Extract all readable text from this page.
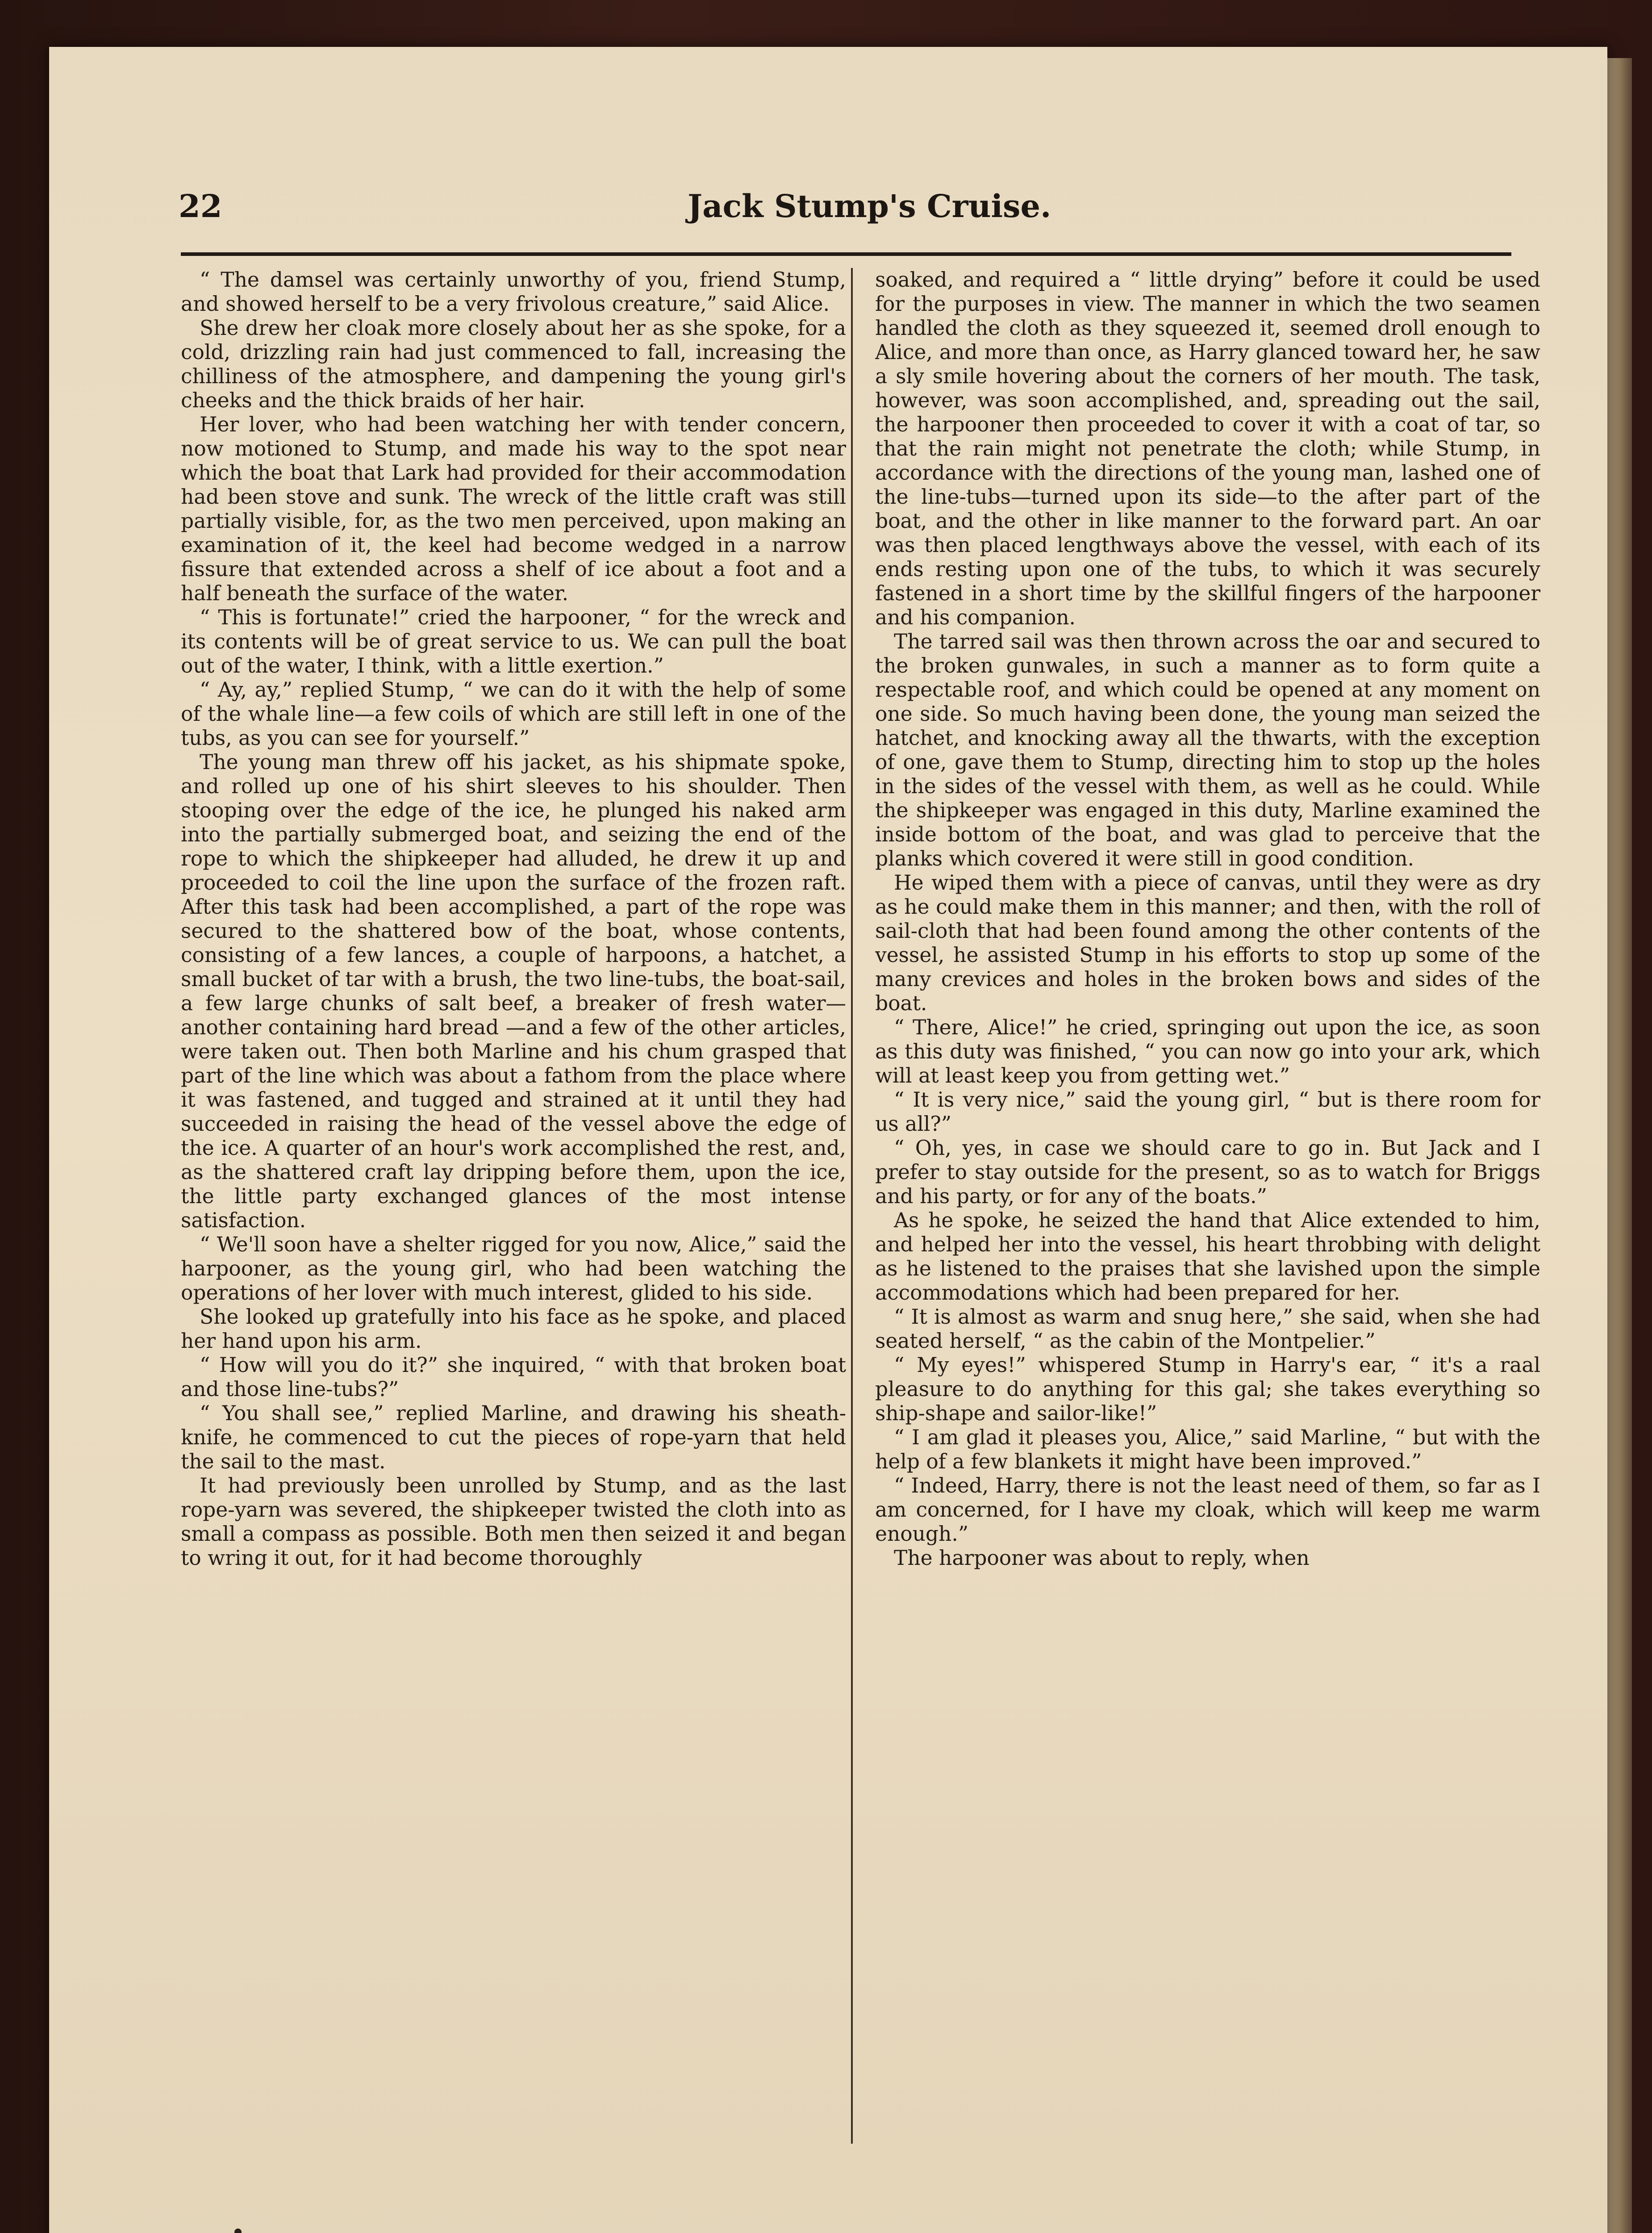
22	Jack Stump's Cruise.

“ The damsel was certainly unworthy of you, friend Stump, and showed herself to be a very frivolous creature,” said Alice.

She drew her cloak more closely about her as she spoke, for a cold, drizzling rain had just commenced to fall, increasing the chilliness of the atmosphere, and dampening the young girl's cheeks and the thick braids of her hair.

Her lover, who had been watching her with tender concern, now motioned to Stump, and made his way to the spot near which the boat that Lark had provided for their accommodation had been stove and sunk. The wreck of the little craft was still partially visible, for, as the two men perceived, upon making an examination of it, the keel had become wedged in a narrow fissure that extended across a shelf of ice about a foot and a half beneath the surface of the water.

“ This is fortunate!” cried the harpooner, “ for the wreck and its contents will be of great service to us. We can pull the boat out of the water, I think, with a little exertion.”

“ Ay, ay,” replied Stump, “ we can do it with the help of some of the whale line—a few coils of which are still left in one of the tubs, as you can see for yourself.”

The young man threw off his jacket, as his shipmate spoke, and rolled up one of his shirt sleeves to his shoulder. Then stooping over the edge of the ice, he plunged his naked arm into the partially submerged boat, and seizing the end of the rope to which the shipkeeper had alluded, he drew it up and proceeded to coil the line upon the surface of the frozen raft. After this task had been accomplished, a part of the rope was secured to the shattered bow of the boat, whose contents, consisting of a few lances, a couple of harpoons, a hatchet, a small bucket of tar with a brush, the two line-tubs, the boat-sail, a few large chunks of salt beef, a breaker of fresh water—another containing hard bread —and a few of the other articles, were taken out. Then both Marline and his chum grasped that part of the line which was about a fathom from the place where it was fastened, and tugged and strained at it until they had succeeded in raising the head of the vessel above the edge of the ice. A quarter of an hour's work accomplished the rest, and, as the shattered craft lay dripping before them, upon the ice, the little party exchanged glances of the most intense satisfaction.

“ We'll soon have a shelter rigged for you now, Alice,” said the harpooner, as the young girl, who had been watching the operations of her lover with much interest, glided to his side.

She looked up gratefully into his face as he spoke, and placed her hand upon his arm.

“ How will you do it?” she inquired, “ with that broken boat and those line-tubs?”

“ You shall see,” replied Marline, and drawing his sheath-knife, he commenced to cut the pieces of rope-yarn that held the sail to the mast.

It had previously been unrolled by Stump, and as the last rope-yarn was severed, the shipkeeper twisted the cloth into as small a compass as possible. Both men then seized it and began to wring it out, for it had become thoroughly

soaked, and required a “ little drying” before it could be used for the purposes in view. The manner in which the two seamen handled the cloth as they squeezed it, seemed droll enough to Alice, and more than once, as Harry glanced toward her, he saw a sly smile hovering about the corners of her mouth. The task, however, was soon accomplished, and, spreading out the sail, the harpooner then proceeded to cover it with a coat of tar, so that the rain might not penetrate the cloth; while Stump, in accordance with the directions of the young man, lashed one of the line-tubs—turned upon its side—to the after part of the boat, and the other in like manner to the forward part. An oar was then placed lengthways above the vessel, with each of its ends resting upon one of the tubs, to which it was securely fastened in a short time by the skillful fingers of the harpooner and his companion.

The tarred sail was then thrown across the oar and secured to the broken gunwales, in such a manner as to form quite a respectable roof, and which could be opened at any moment on one side. So much having been done, the young man seized the hatchet, and knocking away all the thwarts, with the exception of one, gave them to Stump, directing him to stop up the holes in the sides of the vessel with them, as well as he could. While the shipkeeper was engaged in this duty, Marline examined the inside bottom of the boat, and was glad to perceive that the planks which covered it were still in good condition.

He wiped them with a piece of canvas, until they were as dry as he could make them in this manner; and then, with the roll of sail-cloth that had been found among the other contents of the vessel, he assisted Stump in his efforts to stop up some of the many crevices and holes in the broken bows and sides of the boat.

“ There, Alice!” he cried, springing out upon the ice, as soon as this duty was finished, “ you can now go into your ark, which will at least keep you from getting wet.”

“ It is very nice,” said the young girl, “ but is there room for us all?”

“ Oh, yes, in case we should care to go in. But Jack and I prefer to stay outside for the present, so as to watch for Briggs and his party, or for any of the boats.”

As he spoke, he seized the hand that Alice extended to him, and helped her into the vessel, his heart throbbing with delight as he listened to the praises that she lavished upon the simple accommodations which had been prepared for her.

“ It is almost as warm and snug here,” she said, when she had seated herself, “ as the cabin of the Montpelier.”

“ My eyes!” whispered Stump in Harry's ear, “ it's a raal pleasure to do anything for this gal; she takes everything so ship-shape and sailor-like!”

“ I am glad it pleases you, Alice,” said Marline, “ but with the help of a few blankets it might have been improved.”

“ Indeed, Harry, there is not the least need of them, so far as I am concerned, for I have my cloak, which will keep me warm enough.”

The harpooner was about to reply, when
